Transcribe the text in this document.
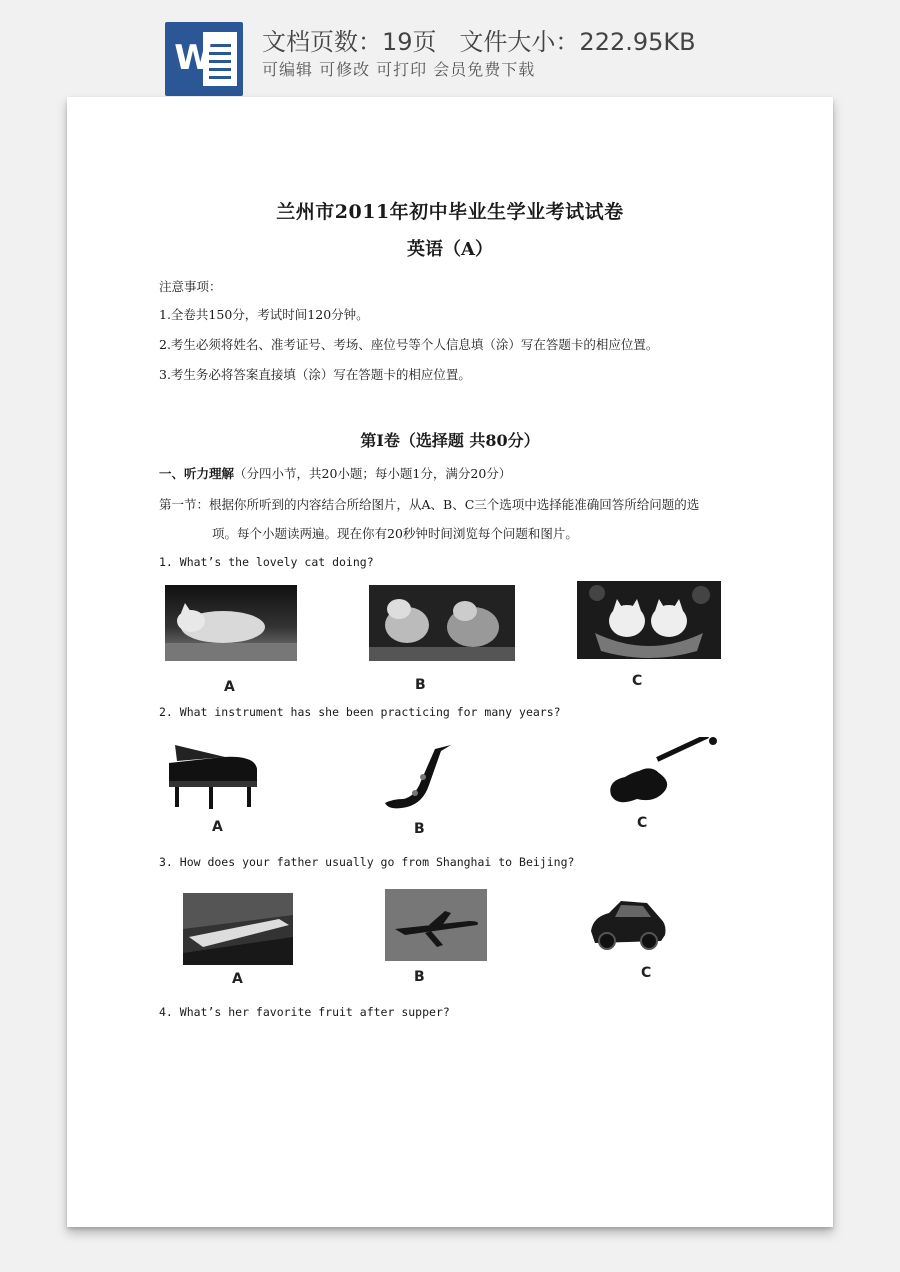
W 文档页数：19页   文件大小：222.95KB
可编辑 可修改 可打印 会员免费下载
兰州市2011年初中毕业生学业考试试卷
英语（A）
注意事项：
1.全卷共150分，考试时间120分钟。
2.考生必须将姓名、准考证号、考场、座位号等个人信息填（涂）写在答题卡的相应位置。
3.考生务必将答案直接填（涂）写在答题卡的相应位置。
第Ⅰ卷（选择题 共80分）
一、听力理解（分四小节，共20小题；每小题1分，满分20分）
第一节：根据你所听到的内容结合所给图片，从A、B、C三个选项中选择能准确回答所给问题的选
项。每个小题读两遍。现在你有20秒钟时间浏览每个问题和图片。
1. What’s the lovely cat doing?
A	B	C
2. What instrument has she been practicing for many years?
A	B	C
3. How does your father usually go from Shanghai to Beijing?
A	B	C
4. What’s her favorite fruit after supper?
